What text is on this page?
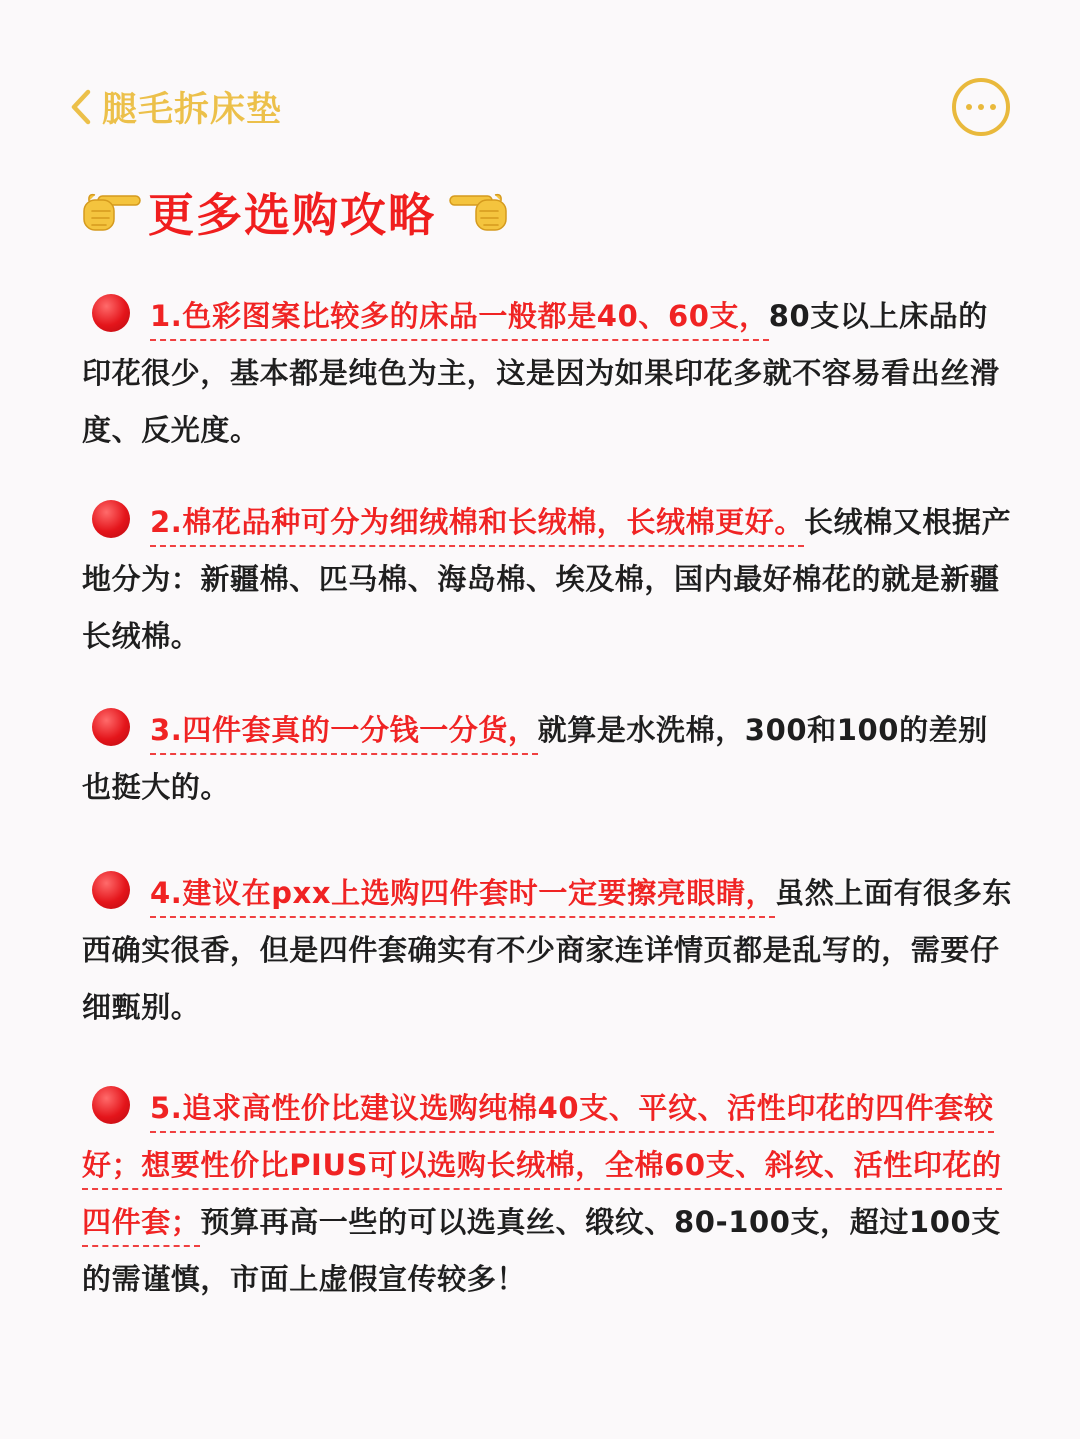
腿毛拆床垫
更多选购攻略
1.色彩图案比较多的床品一般都是40、60支，80支以上床品的印花很少，基本都是纯色为主，这是因为如果印花多就不容易看出丝滑度、反光度。
2.棉花品种可分为细绒棉和长绒棉，长绒棉更好。长绒棉又根据产地分为：新疆棉、匹马棉、海岛棉、埃及棉，国内最好棉花的就是新疆长绒棉。
3.四件套真的一分钱一分货，就算是水洗棉，300和100的差别也挺大的。
4.建议在pxx上选购四件套时一定要擦亮眼睛，虽然上面有很多东西确实很香，但是四件套确实有不少商家连详情页都是乱写的，需要仔细甄别。
5.追求高性价比建议选购纯棉40支、平纹、活性印花的四件套较好；想要性价比PIUS可以选购长绒棉，全棉60支、斜纹、活性印花的四件套；预算再高一些的可以选真丝、缎纹、80-100支，超过100支的需谨慎，市面上虚假宣传较多！
